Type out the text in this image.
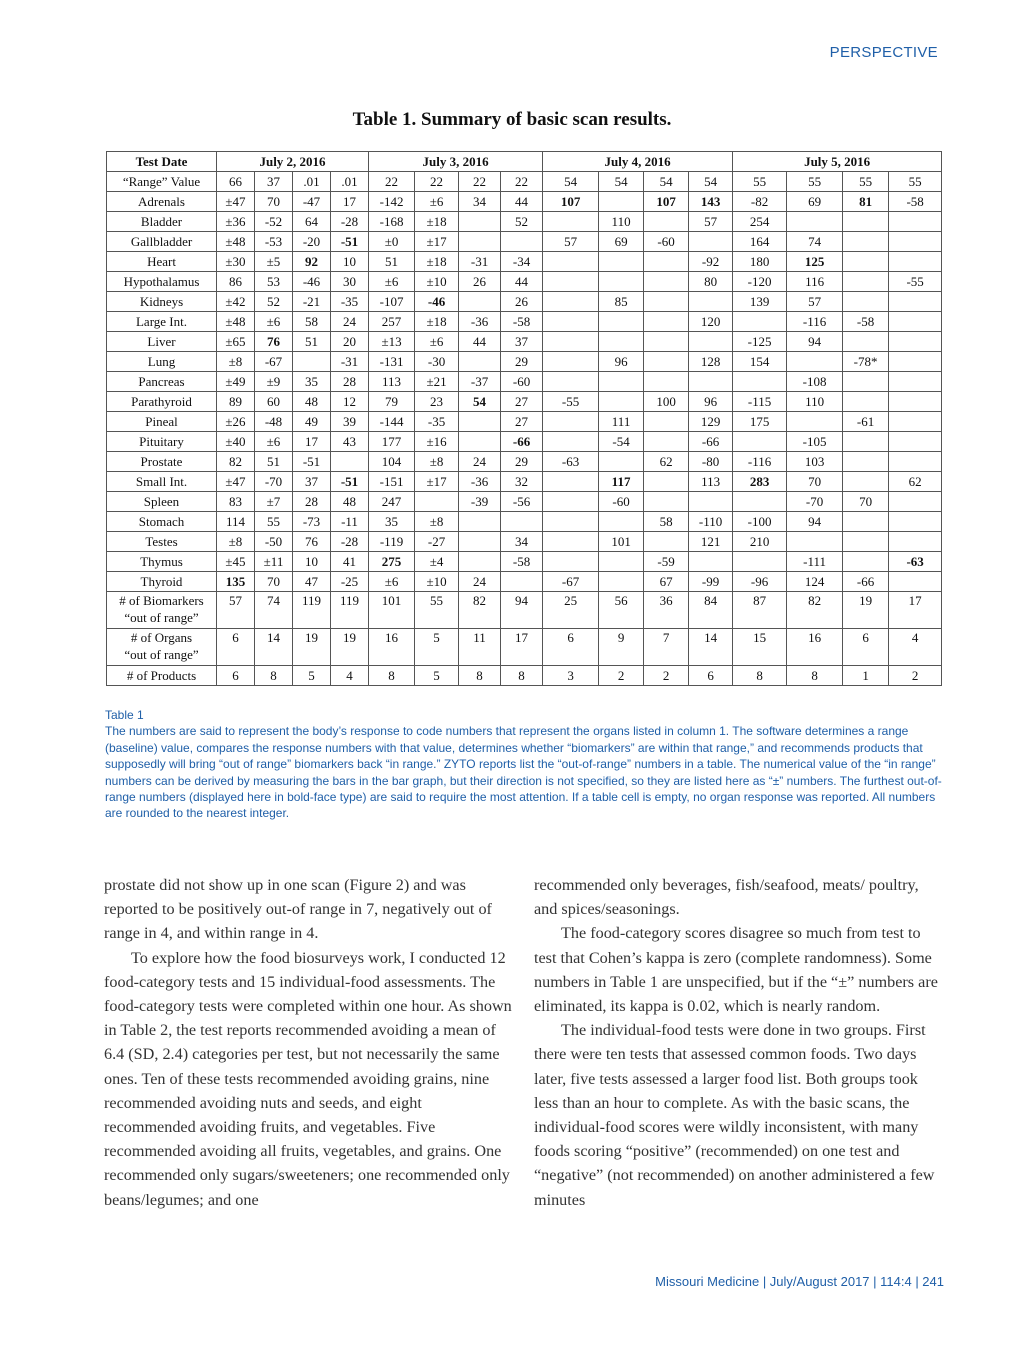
PERSPECTIVE
Table 1. Summary of basic scan results.
Test Date	July 2, 2016				July 3, 2016				July 4, 2016				July 5, 2016			
“Range” Value	66	37	.01	.01	22	22	22	22	54	54	54	54	55	55	55	55
Adrenals	±47	70	-47	17	-142	±6	34	44	107		107	143	-82	69	81	-58
Bladder	±36	-52	64	-28	-168	±18		52		110		57	254			
Gallbladder	±48	-53	-20	-51	±0	±17			57	69	-60		164	74		
Heart	±30	±5	92	10	51	±18	-31	-34				-92	180	125		
Hypothalamus	86	53	-46	30	±6	±10	26	44				80	-120	116		-55
Kidneys	±42	52	-21	-35	-107	-46		26		85			139	57		
Large Int.	±48	±6	58	24	257	±18	-36	-58				120		-116	-58	
Liver	±65	76	51	20	±13	±6	44	37					-125	94		
Lung	±8	-67		-31	-131	-30		29		96		128	154		-78*	
Pancreas	±49	±9	35	28	113	±21	-37	-60						-108		
Parathyroid	89	60	48	12	79	23	54	27	-55		100	96	-115	110		
Pineal	±26	-48	49	39	-144	-35		27		111		129	175		-61	
Pituitary	±40	±6	17	43	177	±16		-66		-54		-66		-105		
Prostate	82	51	-51		104	±8	24	29	-63		62	-80	-116	103		
Small Int.	±47	-70	37	-51	-151	±17	-36	32		117		113	283	70		62
Spleen	83	±7	28	48	247		-39	-56		-60				-70	70	
Stomach	114	55	-73	-11	35	±8					58	-110	-100	94		
Testes	±8	-50	76	-28	-119	-27		34		101		121	210			
Thymus	±45	±11	10	41	275	±4		-58			-59			-111		-63
Thyroid	135	70	47	-25	±6	±10	24		-67		67	-99	-96	124	-66	

# of Biomarkers
“out of range”	57	74	119	119	101	55	82	94	25	56	36	84	87	82	19	17

# of Organs
“out of range”	6	14	19	19	16	5	11	17	6	9	7	14	15	16	6	4

# of Products	6	8	5	4	8	5	8	8	3	2	2	6	8	8	1	2

Table 1

The numbers are said to represent the body’s response to code numbers that represent the organs listed in column 1. The software determines a range (baseline) value, compares the response numbers with that value, determines whether “biomarkers” are within that range,” and recommends products that supposedly will bring “out of range” biomarkers back “in range.” ZYTO reports list the “out-of-range” numbers in a table. The numerical value of the “in range” numbers can be derived by measuring the bars in the bar graph, but their direction is not specified, so they are listed here as “±” numbers. The furthest out-of-range numbers (displayed here in bold-face type) are said to require the most attention. If a table cell is empty, no organ response was reported. All numbers are rounded to the nearest integer.

prostate did not show up in one scan (Figure 2) and was reported to be positively out-of range in 7, negatively out of range in 4, and within range in 4.

To explore how the food biosurveys work, I conducted 12 food-category tests and 15 individual-food assessments. The food-category tests were completed within one hour. As shown in Table 2, the test reports recommended avoiding a mean of 6.4 (SD, 2.4) categories per test, but not necessarily the same ones. Ten of these tests recommended avoiding grains, nine recommended avoiding nuts and seeds, and eight recommended avoiding fruits, and vegetables. Five recommended avoiding all fruits, vegetables, and grains. One recommended only sugars/sweeteners; one recommended only beans/legumes; and one

recommended only beverages, fish/seafood, meats/ poultry, and spices/seasonings.

The food-category scores disagree so much from test to test that Cohen’s kappa is zero (complete randomness). Some numbers in Table 1 are unspecified, but if the “±” numbers are eliminated, its kappa is 0.02, which is nearly random.

The individual-food tests were done in two groups. First there were ten tests that assessed common foods. Two days later, five tests assessed a larger food list. Both groups took less than an hour to complete. As with the basic scans, the individual-food scores were wildly inconsistent, with many foods scoring “positive” (recommended) on one test and “negative” (not recommended) on another administered a few minutes

Missouri Medicine | July/August 2017 | 114:4 | 241
